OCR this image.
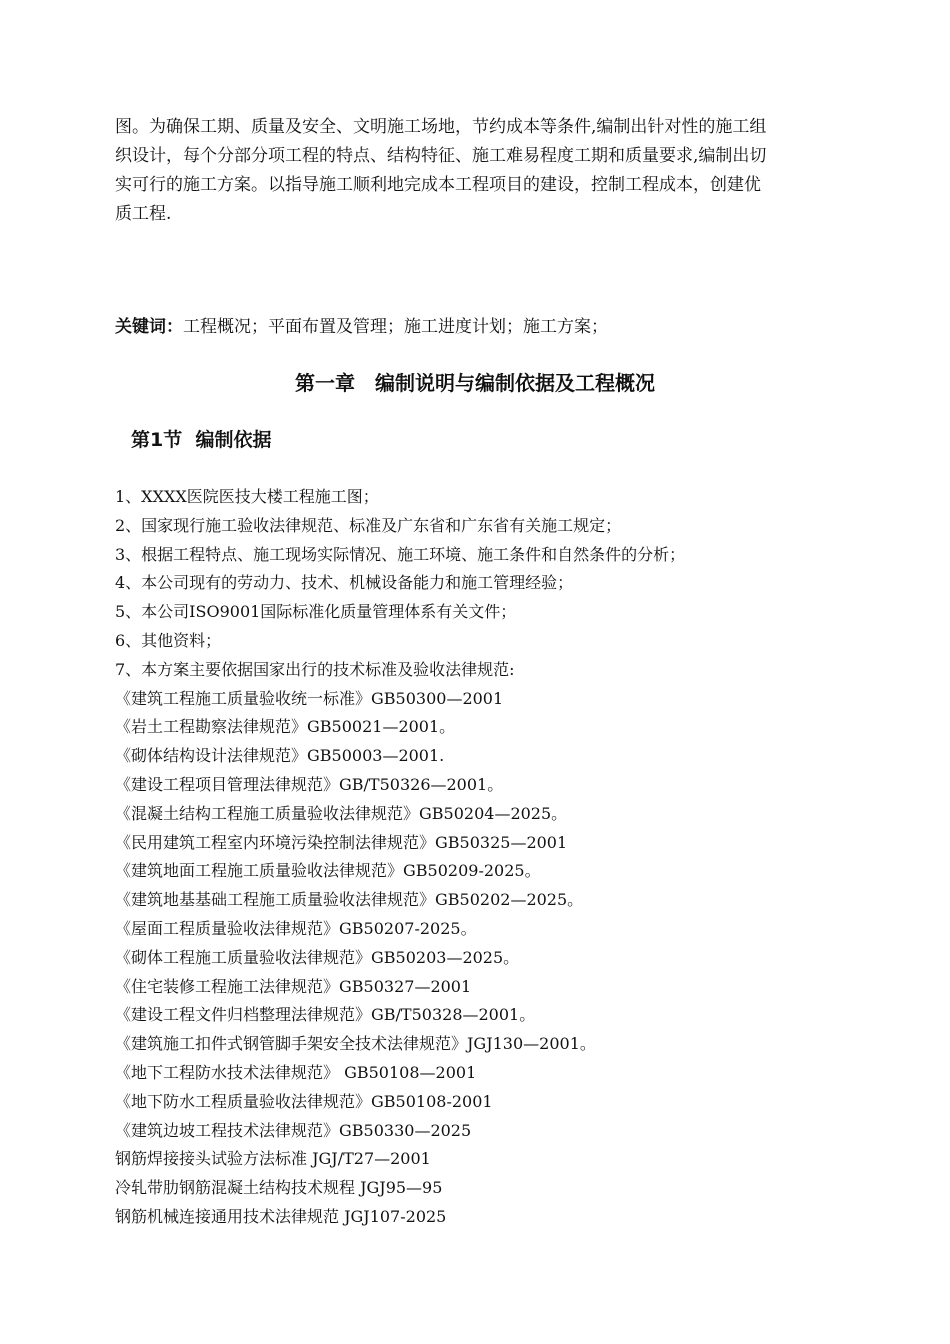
图。为确保工期、质量及安全、文明施工场地，节约成本等条件,编制出针对性的施工组
织设计，每个分部分项工程的特点、结构特征、施工难易程度工期和质量要求,编制出切
实可行的施工方案。以指导施工顺利地完成本工程项目的建设，控制工程成本，创建优
质工程.

关键词：工程概况；平面布置及管理；施工进度计划；施工方案；

第一章　编制说明与编制依据及工程概况
第1节  编制依据
1、XXXX医院医技大楼工程施工图；
2、国家现行施工验收法律规范、标准及广东省和广东省有关施工规定；
3、根据工程特点、施工现场实际情况、施工环境、施工条件和自然条件的分析；
4、本公司现有的劳动力、技术、机械设备能力和施工管理经验；
5、本公司ISO9001国际标准化质量管理体系有关文件；
6、其他资料；
7、本方案主要依据国家出行的技术标准及验收法律规范:
《建筑工程施工质量验收统一标准》GB50300—2001
《岩土工程勘察法律规范》GB50021—2001。
《砌体结构设计法律规范》GB50003—2001.
《建设工程项目管理法律规范》GB/T50326—2001。
《混凝土结构工程施工质量验收法律规范》GB50204—2025。
《民用建筑工程室内环境污染控制法律规范》GB50325—2001
《建筑地面工程施工质量验收法律规范》GB50209-2025。
《建筑地基基础工程施工质量验收法律规范》GB50202—2025。
《屋面工程质量验收法律规范》GB50207-2025。
《砌体工程施工质量验收法律规范》GB50203—2025。
《住宅装修工程施工法律规范》GB50327—2001
《建设工程文件归档整理法律规范》GB/T50328—2001。
《建筑施工扣件式钢管脚手架安全技术法律规范》JGJ130—2001。
《地下工程防水技术法律规范》 GB50108—2001
《地下防水工程质量验收法律规范》GB50108-2001
《建筑边坡工程技术法律规范》GB50330—2025
钢筋焊接接头试验方法标准 JGJ/T27—2001
冷轧带肋钢筋混凝土结构技术规程 JGJ95—95
钢筋机械连接通用技术法律规范 JGJ107-2025
